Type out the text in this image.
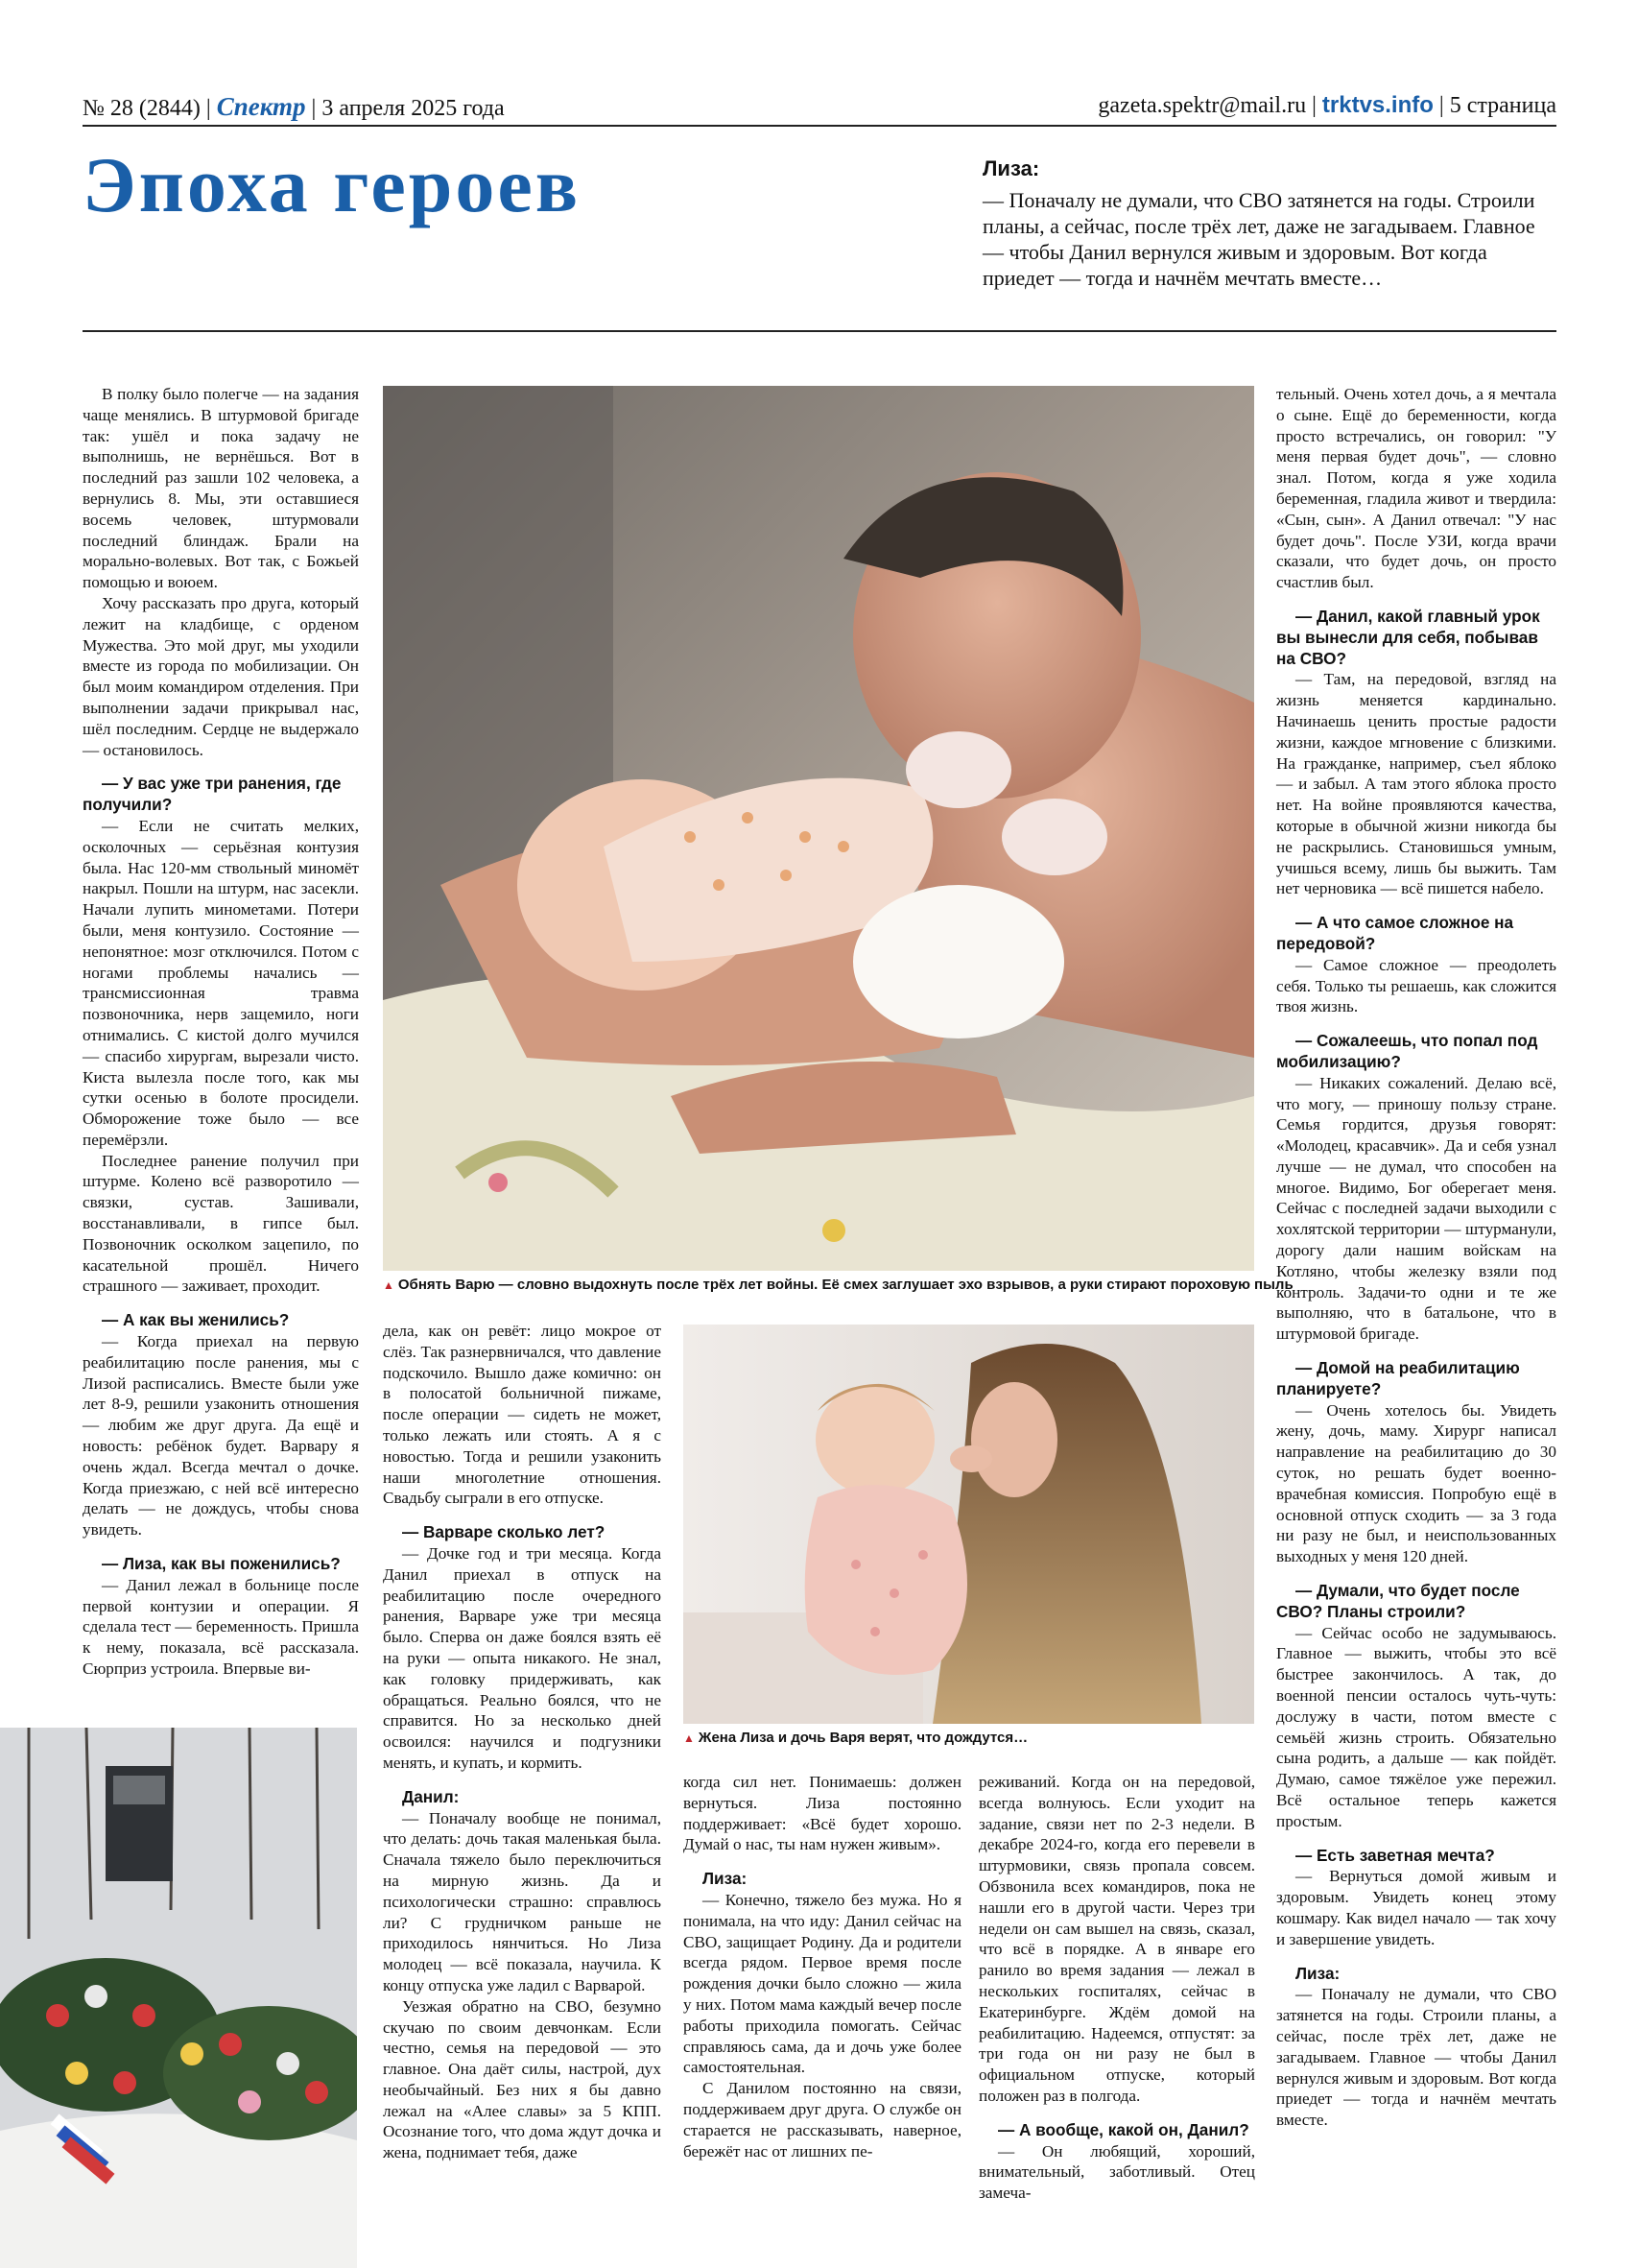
№ 28 (2844) | Спектр | 3 апреля 2025 года	gazeta.spektr@mail.ru | trktvs.info | 5 страница
Эпоха героев	Лиза:
— Поначалу не думали, что СВО затянется на годы. Строили планы, а сейчас, после трёх лет, даже не загадываем. Главное — чтобы Данил вернулся живым и здоровым. Вот когда приедет — тогда и начнём мечтать вместе…

В полку было полегче — на задания чаще менялись. В штурмовой бригаде так: ушёл и пока задачу не выполнишь, не вернёшься. Вот в последний раз зашли 102 человека, а вернулись 8. Мы, эти оставшиеся восемь человек, штурмовали последний блиндаж. Брали на морально-волевых. Вот так, с Божьей помощью и воюем.

Хочу рассказать про друга, который лежит на кладбище, с орденом Мужества. Это мой друг, мы уходили вместе из города по мобилизации. Он был моим командиром отделения. При выполнении задачи прикрывал нас, шёл последним. Сердце не выдержало — остановилось.

— У вас уже три ранения, где получили?

— Если не считать мелких, осколочных — серьёзная контузия была. Нас 120-мм ствольный миномёт накрыл. Пошли на штурм, нас засекли. Начали лупить минометами. Потери были, меня контузило. Состояние — непонятное: мозг отключился. Потом с ногами проблемы начались — трансмиссионная травма позвоночника, нерв защемило, ноги отнимались. С кистой долго мучился — спасибо хирургам, вырезали чисто. Киста вылезла после того, как мы сутки осенью в болоте просидели. Обморожение тоже было — все перемёрзли.

Последнее ранение получил при штурме. Колено всё разворотило — связки, сустав. Зашивали, восстанавливали, в гипсе был. Позвоночник осколком зацепило, по касательной прошёл. Ничего страшного — заживает, проходит.

— А как вы женились?

— Когда приехал на первую реабилитацию после ранения, мы с Лизой расписались. Вместе были уже лет 8-9, решили узаконить отношения — любим же друг друга. Да ещё и новость: ребёнок будет. Варвару я очень ждал. Всегда мечтал о дочке. Когда приезжаю, с ней всё интересно делать — не дождусь, чтобы снова увидеть.

— Лиза, как вы поженились?

— Данил лежал в больнице после первой контузии и операции. Я сделала тест — беременность. Пришла к нему, показала, всё рассказала. Сюрприз устроила. Впервые ви-

▲ Обнять Варю — словно выдохнуть после трёх лет войны. Её смех заглушает эхо взрывов, а руки стирают пороховую пыль

тельный. Очень хотел дочь, а я мечтала о сыне. Ещё до беременности, когда просто встречались, он говорил: "У меня первая будет дочь", — словно знал. Потом, когда я уже ходила беременная, гладила живот и твердила: «Сын, сын». А Данил отвечал: "У нас будет дочь". После УЗИ, когда врачи сказали, что будет дочь, он просто счастлив был.

— Данил, какой главный урок вы вынесли для себя, побывав на СВО?

— Там, на передовой, взгляд на жизнь меняется кардинально. Начинаешь ценить простые радости жизни, каждое мгновение с близкими. На гражданке, например, съел яблоко — и забыл. А там этого яблока просто нет. На войне проявляются качества, которые в обычной жизни никогда бы не раскрылись. Становишься умным, учишься всему, лишь бы выжить. Там нет черновика — всё пишется набело.

— А что самое сложное на передовой?

— Самое сложное — преодолеть себя. Только ты решаешь, как сложится твоя жизнь.

— Сожалеешь, что попал под мобилизацию?

— Никаких сожалений. Делаю всё, что могу, — приношу пользу стране. Семья гордится, друзья говорят: «Молодец, красавчик». Да и себя узнал лучше — не думал, что способен на многое. Видимо, Бог оберегает меня. Сейчас с последней задачи выходили с хохлятской территории — штурманули, дорогу дали нашим войскам на Котляно, чтобы железку взяли под контроль. Задачи-то одни и те же выполняю, что в батальоне, что в штурмовой бригаде.

— Домой на реабилитацию планируете?

— Очень хотелось бы. Увидеть жену, дочь, маму. Хирург написал направление на реабилитацию до 30 суток, но решать будет военно-врачебная комиссия. Попробую ещё в основной отпуск сходить — за 3 года ни разу не был, и неиспользованных выходных у меня 120 дней.

— Думали, что будет после СВО? Планы строили?

— Сейчас особо не задумываюсь. Главное — выжить, чтобы это всё быстрее закончилось. А так, до военной пенсии осталось чуть-чуть: дослужу в части, потом вместе с семьёй жизнь строить. Обязательно сына родить, а дальше — как пойдёт. Думаю, самое тяжёлое уже пережил. Всё остальное теперь кажется простым.

— Есть заветная мечта?

— Вернуться домой живым и здоровым. Увидеть конец этому кошмару. Как видел начало — так хочу и завершение увидеть.

Лиза:

— Поначалу не думали, что СВО затянется на годы. Строили планы, а сейчас, после трёх лет, даже не загадываем. Главное — чтобы Данил вернулся живым и здоровым. Вот когда приедет — тогда и начнём мечтать вместе.

дела, как он ревёт: лицо мокрое от слёз. Так разнервничался, что давление подскочило. Вышло даже комично: он в полосатой больничной пижаме, после операции — сидеть не может, только лежать или стоять. А я с новостью. Тогда и решили узаконить наши многолетние отношения. Свадьбу сыграли в его отпуске.

— Варваре сколько лет?

— Дочке год и три месяца. Когда Данил приехал в отпуск на реабилитацию после очередного ранения, Варваре уже три месяца было. Сперва он даже боялся взять её на руки — опыта никакого. Не знал, как головку придерживать, как обращаться. Реально боялся, что не справится. Но за несколько дней освоился: научился и подгузники менять, и купать, и кормить.

Данил:

— Поначалу вообще не понимал, что делать: дочь такая маленькая была. Сначала тяжело было переключиться на мирную жизнь. Да и психологически страшно: справлюсь ли? С грудничком раньше не приходилось нянчиться. Но Лиза молодец — всё показала, научила. К концу отпуска уже ладил с Варварой.

Уезжая обратно на СВО, безумно скучаю по своим девчонкам. Если честно, семья на передовой — это главное. Она даёт силы, настрой, дух необычайный. Без них я бы давно лежал на «Алее славы» за 5 КПП. Осознание того, что дома ждут дочка и жена, поднимает тебя, даже

▲ Жена Лиза и дочь Варя верят, что дождутся…

когда сил нет. Понимаешь: должен вернуться. Лиза постоянно поддерживает: «Всё будет хорошо. Думай о нас, ты нам нужен живым».

Лиза:

— Конечно, тяжело без мужа. Но я понимала, на что иду: Данил сейчас на СВО, защищает Родину. Да и родители всегда рядом. Первое время после рождения дочки было сложно — жила у них. Потом мама каждый вечер после работы приходила помогать. Сейчас справляюсь сама, да и дочь уже более самостоятельная.

С Данилом постоянно на связи, поддерживаем друг друга. О службе он старается не рассказывать, наверное, бережёт нас от лишних пе-

реживаний. Когда он на передовой, всегда волнуюсь. Если уходит на задание, связи нет по 2-3 недели. В декабре 2024-го, когда его перевели в штурмовики, связь пропала совсем. Обзвонила всех командиров, пока не нашли его в другой части. Через три недели он сам вышел на связь, сказал, что всё в порядке. А в январе его ранило во время задания — лежал в нескольких госпиталях, сейчас в Екатеринбурге. Ждём домой на реабилитацию. Надеемся, отпустят: за три года он ни разу не был в официальном отпуске, который положен раз в полгода.

— А вообще, какой он, Данил?

— Он любящий, хороший, внимательный, заботливый. Отец замеча-
